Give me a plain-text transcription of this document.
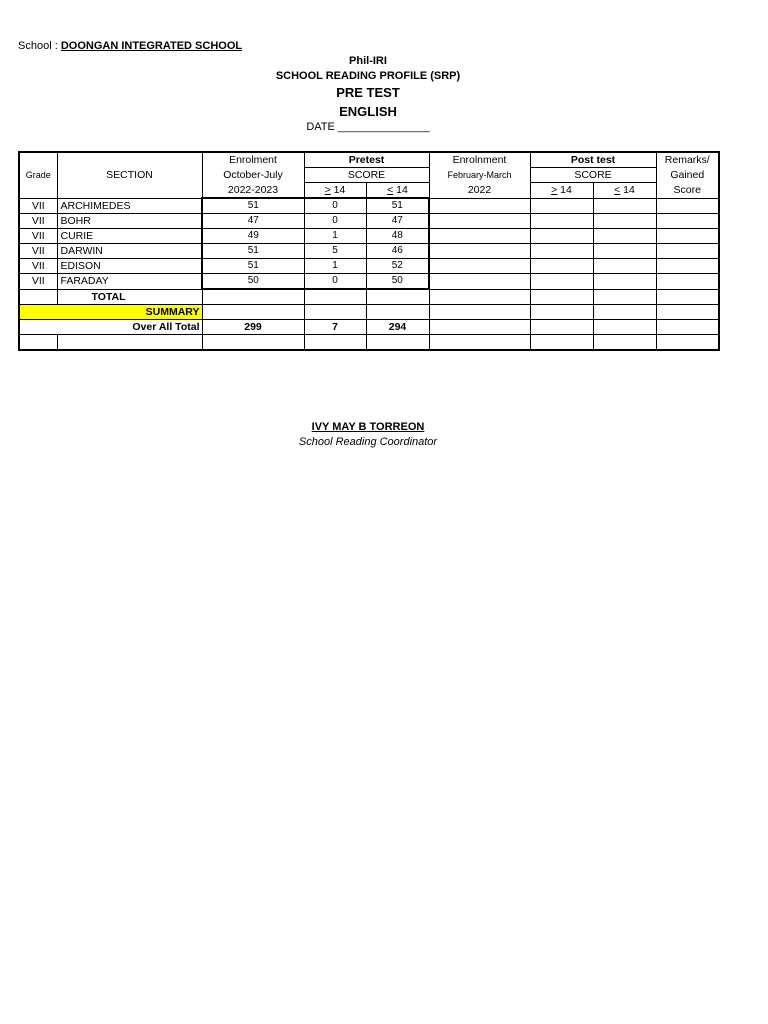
School : DOONGAN INTEGRATED SCHOOL
Phil-IRI
SCHOOL READING PROFILE (SRP)
PRE TEST
ENGLISH
DATE _______________
Grade	SECTION	Enrolment	Pretest		Enrolnment	Post test		Remarks/
		October-July	SCORE		February-March	SCORE		Gained
		2022-2023	> 14	< 14	2022	> 14	< 14	Score
VII	ARCHIMEDES	51	0	51				
VII	BOHR	47	0	47				
VII	CURIE	49	1	48				
VII	DARWIN	51	5	46				
VII	EDISON	51	1	52				
VII	FARADAY	50	0	50				
	TOTAL							
	SUMMARY							
	Over All Total	299	7	294				

IVY MAY B TORREON
School Reading Coordinator
